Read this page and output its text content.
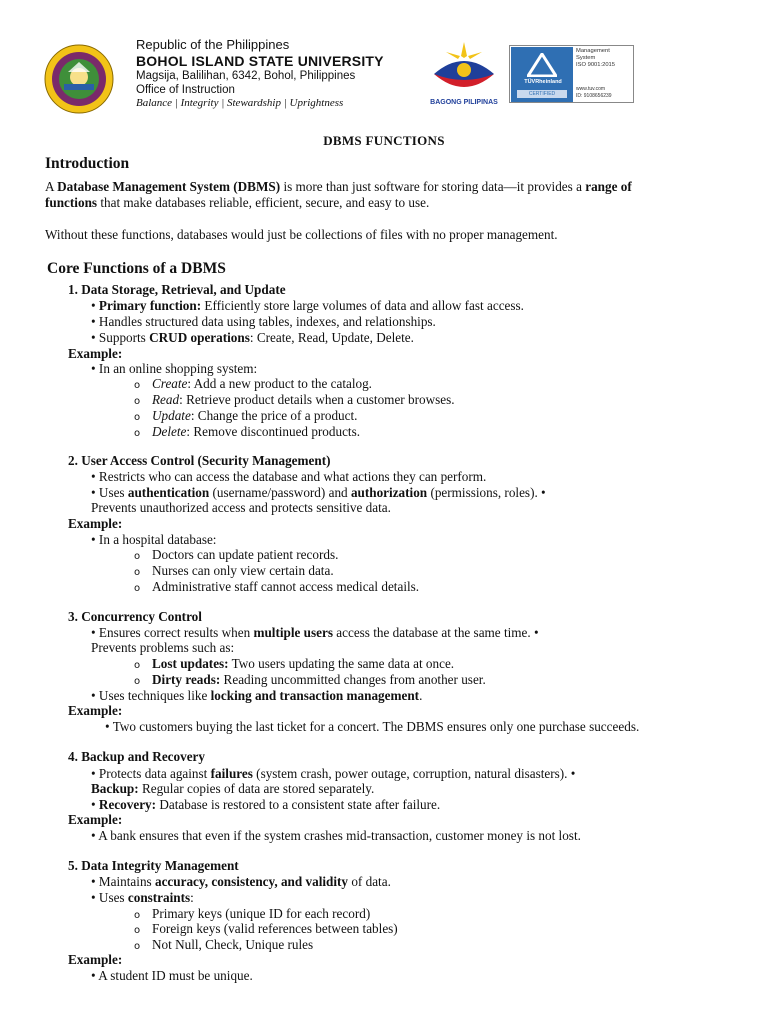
Republic of the Philippines
BOHOL ISLAND STATE UNIVERSITY
Magsija, Balilihan, 6342, Bohol, Philippines
Office of Instruction
Balance | Integrity | Stewardship | Uprightness	BAGONG PILIPINAS
TÜVRheinland
CERTIFIED
Management
System
ISO 9001:2015
www.tuv.com
ID: 9108656239
DBMS FUNCTIONS
Introduction
A Database Management System (DBMS) is more than just software for storing data—it provides a range of
functions that make databases reliable, efficient, secure, and easy to use.
Without these functions, databases would just be collections of files with no proper management.
Core Functions of a DBMS
1. Data Storage, Retrieval, and Update
• Primary function: Efficiently store large volumes of data and allow fast access.
• Handles structured data using tables, indexes, and relationships.
• Supports CRUD operations: Create, Read, Update, Delete.
Example:
• In an online shopping system:
o Create: Add a new product to the catalog.
o Read: Retrieve product details when a customer browses.
o Update: Change the price of a product.
o Delete: Remove discontinued products.
2. User Access Control (Security Management)
• Restricts who can access the database and what actions they can perform.
• Uses authentication (username/password) and authorization (permissions, roles). •
Prevents unauthorized access and protects sensitive data.
Example:
• In a hospital database:
o Doctors can update patient records.
o Nurses can only view certain data.
o Administrative staff cannot access medical details.
3. Concurrency Control
• Ensures correct results when multiple users access the database at the same time. •
Prevents problems such as:
o Lost updates: Two users updating the same data at once.
o Dirty reads: Reading uncommitted changes from another user.
• Uses techniques like locking and transaction management.
Example:
• Two customers buying the last ticket for a concert. The DBMS ensures only one purchase succeeds.
4. Backup and Recovery
• Protects data against failures (system crash, power outage, corruption, natural disasters). •
Backup: Regular copies of data are stored separately.
• Recovery: Database is restored to a consistent state after failure.
Example:
• A bank ensures that even if the system crashes mid-transaction, customer money is not lost.
5. Data Integrity Management
• Maintains accuracy, consistency, and validity of data.
• Uses constraints:
o Primary keys (unique ID for each record)
o Foreign keys (valid references between tables)
o Not Null, Check, Unique rules
Example:
• A student ID must be unique.
